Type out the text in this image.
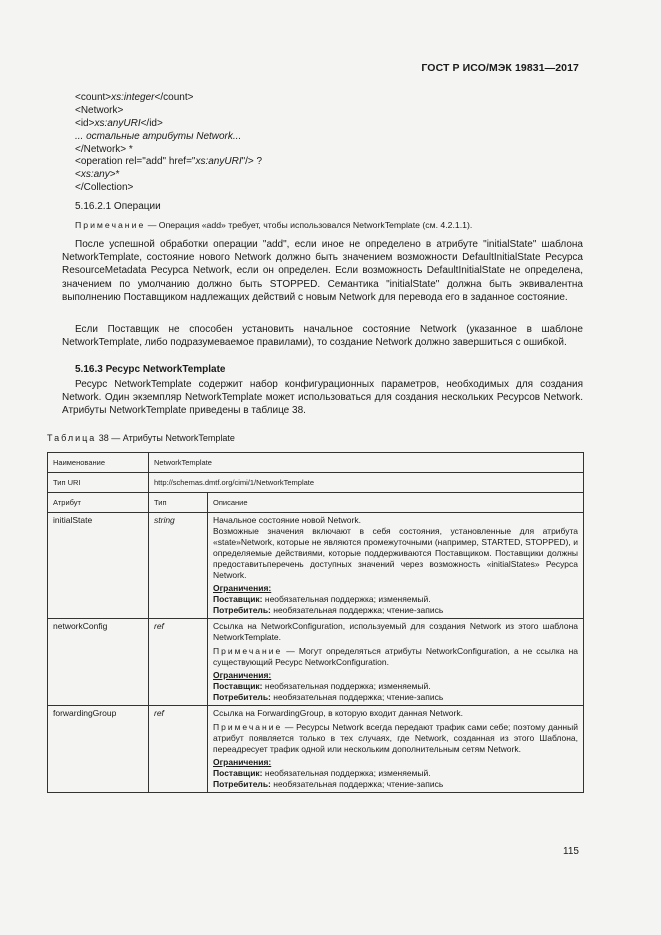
ГОСТ Р ИСО/МЭК 19831—2017
<count>xs:integer</count>
<Network>
<id>xs:anyURI</id>
... остальные атрибуты Network...
</Network> *
<operation rel="add" href="xs:anyURI"/> ?
<xs:any>*
</Collection>
5.16.2.1 Операции
Примечание — Операция «add» требует, чтобы использовался NetworkTemplate (см. 4.2.1.1).

После успешной обработки операции "add", если иное не определено в атрибуте "initialState" шаблона NetworkTemplate, состояние нового Network должно быть значением возможности DefaultInitialState Ресурса ResourceMetadata Ресурса Network, если он определен. Если возможность DefaultInitialState не определена, значением по умолчанию должно быть STOPPED. Семантика "initialState" должна быть эквивалентна выполнению Поставщиком надлежащих действий с новым Network для перевода его в заданное состояние.

Если Поставщик не способен установить начальное состояние Network (указанное в шаблоне NetworkTemplate, либо подразумеваемое правилами), то создание Network должно завершиться с ошибкой.

5.16.3 Ресурс NetworkTemplate

Ресурс NetworkTemplate содержит набор конфигурационных параметров, необходимых для создания Network. Один экземпляр NetworkTemplate может использоваться для создания нескольких Ресурсов Network. Атрибуты NetworkTemplate приведены в таблице 38.

Таблица 38 — Атрибуты NetworkTemplate
Наименование	NetworkTemplate	
Тип URI	http://schemas.dmtf.org/cimi/1/NetworkTemplate	
Атрибут	Тип	Описание
initialState	string	Начальное состояние новой Network.

Возможные значения включают в себя состояния, установленные для атрибута «state»Network, которые не являются промежуточными (например, STARTED, STOPPED), и определяемые действиями, которые поддерживаются Поставщиком. Поставщики должны предоставитьперечень доступных значений через возможность «initialStates» Ресурса Network.

Ограничения:

Поставщик: необязательная поддержка; изменяемый.

Потребитель: необязательная поддержка; чтение-запись

networkConfig	ref	Ссылка на NetworkConfiguration, используемый для создания Network из этого шаблона NetworkTemplate.

Примечание — Могут определяться атрибуты NetworkConfiguration, а не ссылка на существующий Ресурс NetworkConfiguration.

Ограничения:

Поставщик: необязательная поддержка; изменяемый.

Потребитель: необязательная поддержка; чтение-запись

forwardingGroup	ref	Ссылка на ForwardingGroup, в которую входит данная Network.

Примечание — Ресурсы Network всегда передают трафик сами себе; поэтому данный атрибут появляется только в тех случаях, где Network, созданная из этого Шаблона, переадресует трафик одной или нескольким дополнительным сетям Network.

Ограничения:

Поставщик: необязательная поддержка; изменяемый.

Потребитель: необязательная поддержка; чтение-запись

115
